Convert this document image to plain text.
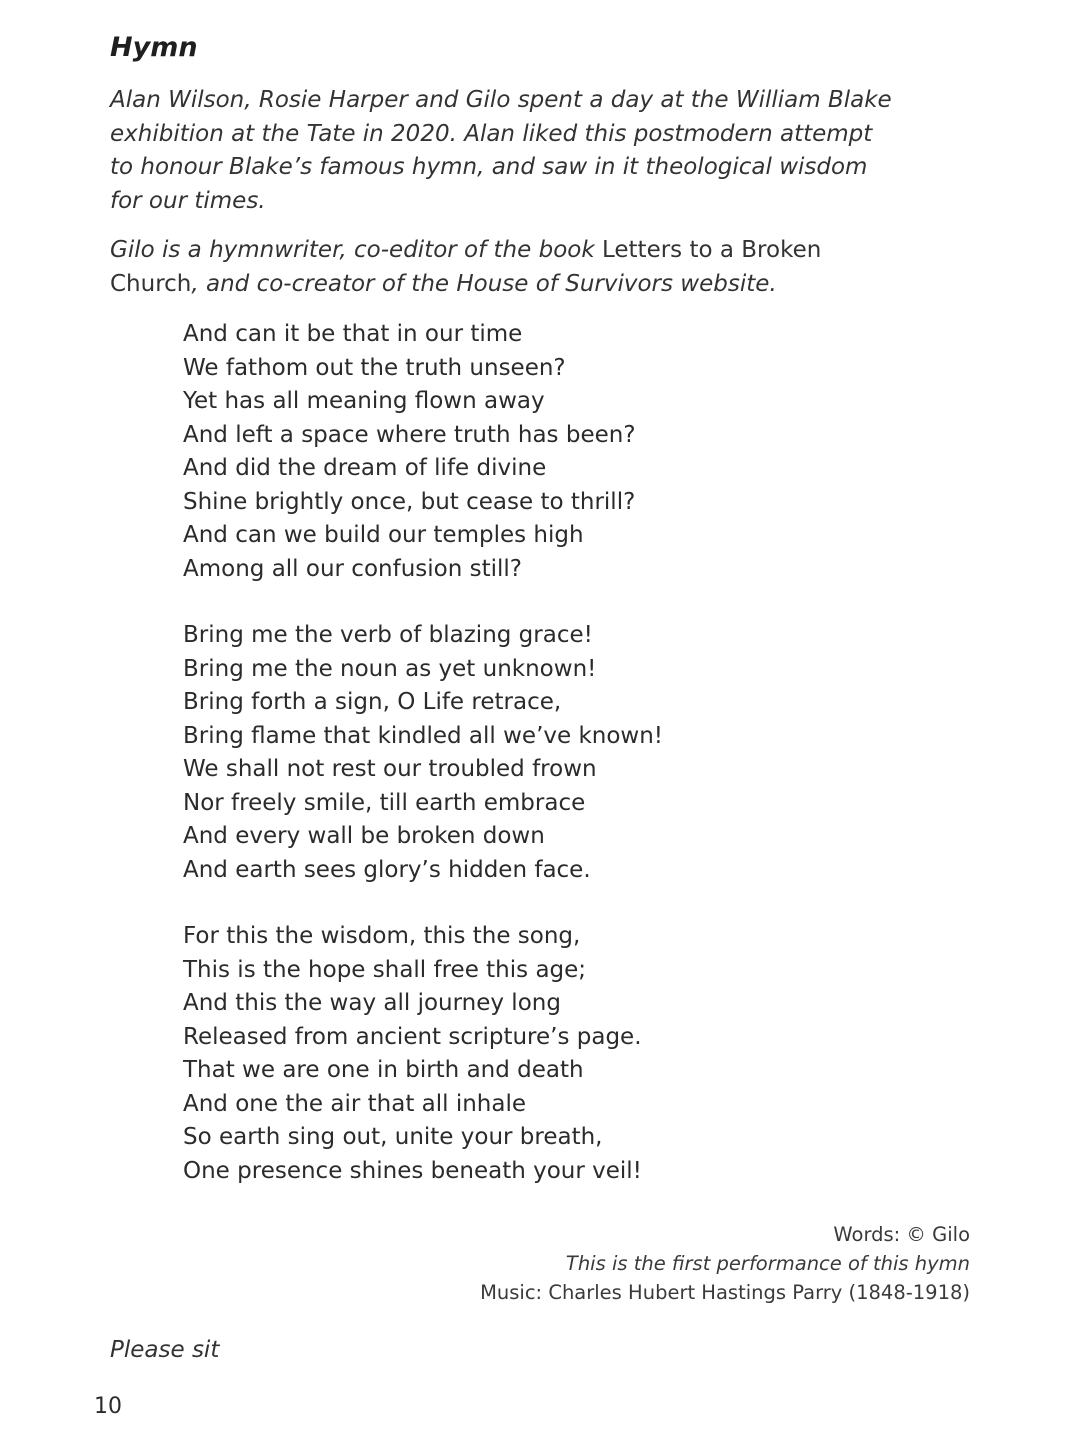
Hymn

Alan Wilson, Rosie Harper and Gilo spent a day at the William Blake exhibition at the Tate in 2020. Alan liked this postmodern attempt to honour Blake’s famous hymn, and saw in it theological wisdom for our times.

Gilo is a hymnwriter, co-editor of the book Letters to a Broken Church, and co-creator of the House of Survivors website.

And can it be that in our time
We fathom out the truth unseen?
Yet has all meaning flown away
And left a space where truth has been?
And did the dream of life divine
Shine brightly once, but cease to thrill?
And can we build our temples high
Among all our confusion still?
Bring me the verb of blazing grace!
Bring me the noun as yet unknown!
Bring forth a sign, O Life retrace,
Bring flame that kindled all we’ve known!
We shall not rest our troubled frown
Nor freely smile, till earth embrace
And every wall be broken down
And earth sees glory’s hidden face.
For this the wisdom, this the song,
This is the hope shall free this age;
And this the way all journey long
Released from ancient scripture’s page.
That we are one in birth and death
And one the air that all inhale
So earth sing out, unite your breath,
One presence shines beneath your veil!
Words: © Gilo
This is the first performance of this hymn
Music: Charles Hubert Hastings Parry (1848-1918)

Please sit

10
